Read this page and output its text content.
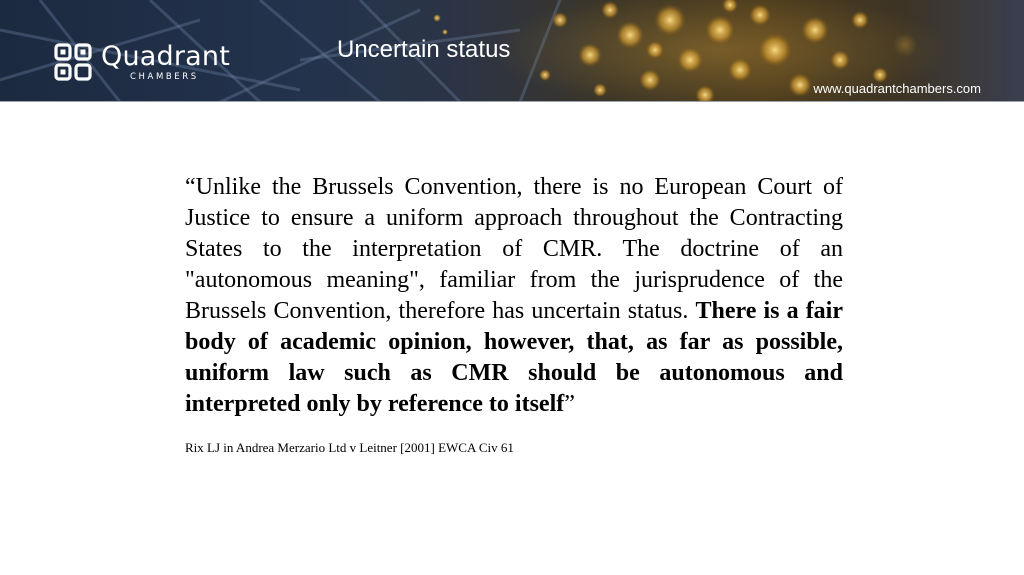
Quadrant
CHAMBERS
Uncertain status
www.quadrantchambers.com

“Unlike the Brussels Convention, there is no European Court of Justice to ensure a uniform approach throughout the Contracting States to the interpretation of CMR. The doctrine of an "autonomous meaning", familiar from the jurisprudence of the Brussels Convention, therefore has uncertain status. There is a fair body of academic opinion, however, that, as far as possible, uniform law such as CMR should be autonomous and interpreted only by reference to itself”

Rix LJ in Andrea Merzario Ltd v Leitner [2001] EWCA Civ 61
